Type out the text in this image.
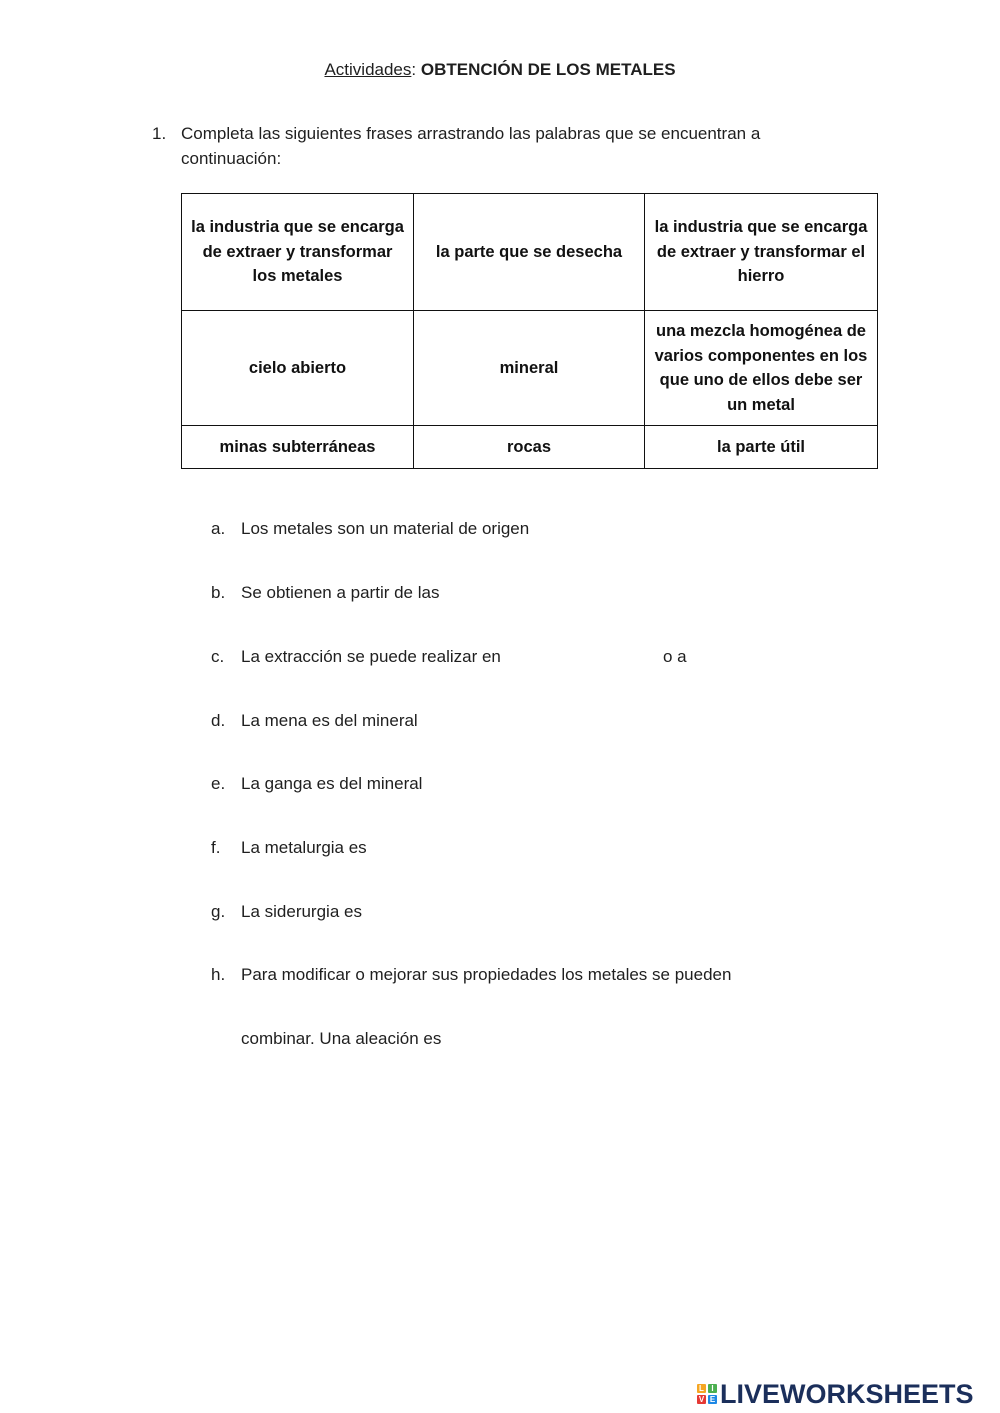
Actividades: OBTENCIÓN DE LOS METALES
1. Completa las siguientes frases arrastrando las palabras que se encuentran a continuación:
la industria que se encarga de extraer y transformar los metales	la parte que se desecha	la industria que se encarga de extraer y transformar el hierro
cielo abierto	mineral	una mezcla homogénea de varios componentes en los que uno de ellos debe ser un metal
minas subterráneas	rocas	la parte útil
a. Los metales son un material de origen
b. Se obtienen a partir de las
c. La extracción se puede realizar en	o a
d. La mena es del mineral
e. La ganga es del mineral
f. La metalurgia es
g. La siderurgia es
h. Para modificar o mejorar sus propiedades los metales se pueden
combinar. Una aleación es
L I
V E LIVEWORKSHEETS
